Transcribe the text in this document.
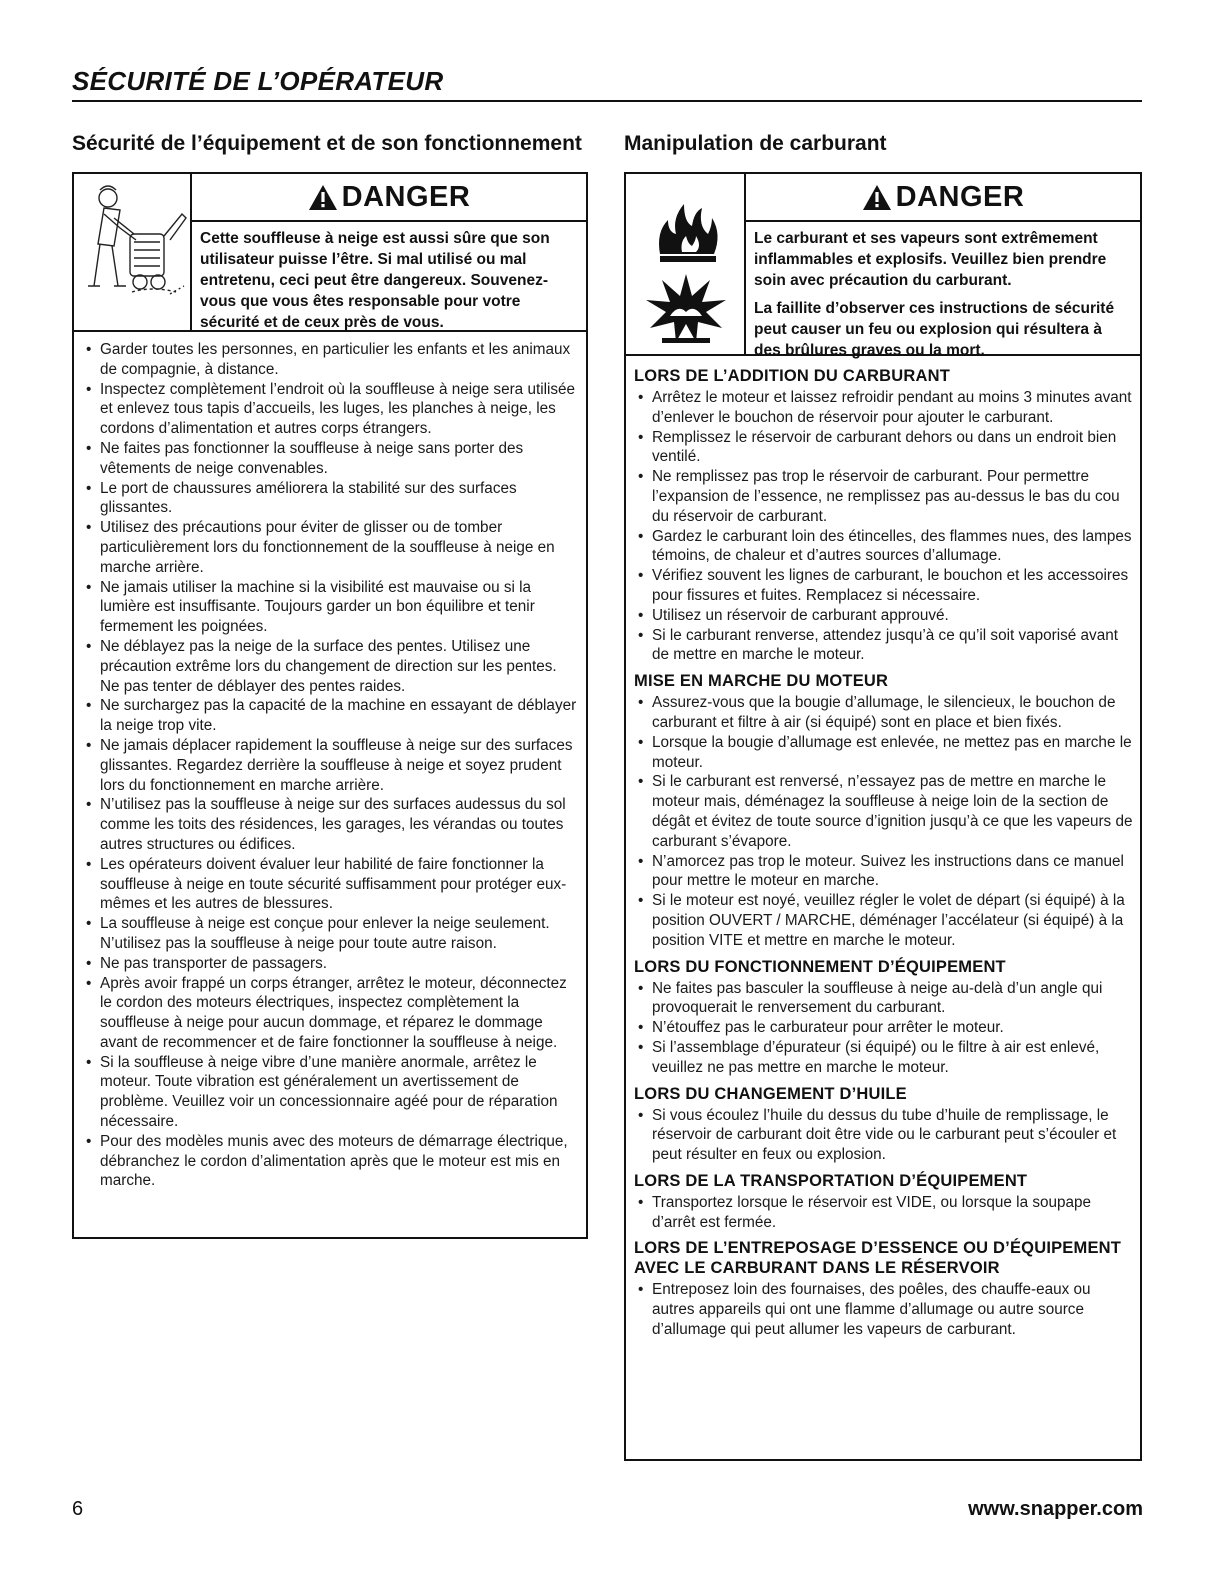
SÉCURITÉ DE L’OPÉRATEUR
Sécurité de l’équipement et de son fonctionnement
DANGER

Cette souffleuse à neige est aussi sûre que son utilisateur puisse l’être. Si mal utilisé ou mal entretenu, ceci peut être dangereux. Souvenez-vous que vous êtes responsable pour votre sécurité et de ceux près de vous.

• Garder toutes les personnes, en particulier les enfants et les animaux de compagnie, à distance.
• Inspectez complètement l’endroit où la souffleuse à neige sera utilisée et enlevez tous tapis d’accueils, les luges, les planches à neige, les cordons d’alimentation et autres corps étrangers.
• Ne faites pas fonctionner la souffleuse à neige sans porter des vêtements de neige convenables.
• Le port de chaussures améliorera la stabilité sur des surfaces glissantes.
• Utilisez des précautions pour éviter de glisser ou de tomber particulièrement lors du fonctionnement de la souffleuse à neige en marche arrière.
• Ne jamais utiliser la machine si la visibilité est mauvaise ou si la lumière est insuffisante. Toujours garder un bon équilibre et tenir fermement les poignées.
• Ne déblayez pas la neige de la surface des pentes. Utilisez une précaution extrême lors du changement de direction sur les pentes. Ne pas tenter de déblayer des pentes raides.
• Ne surchargez pas la capacité de la machine en essayant de déblayer la neige trop vite.
• Ne jamais déplacer rapidement la souffleuse à neige sur des surfaces glissantes. Regardez derrière la souffleuse à neige et soyez prudent lors du fonctionnement en marche arrière.
• N’utilisez pas la souffleuse à neige sur des surfaces audessus du sol comme les toits des résidences, les garages, les vérandas ou toutes autres structures ou édifices.
• Les opérateurs doivent évaluer leur habilité de faire fonctionner la souffleuse à neige en toute sécurité suffisamment pour protéger eux-mêmes et les autres de blessures.
• La souffleuse à neige est conçue pour enlever la neige seulement. N’utilisez pas la souffleuse à neige pour toute autre raison.
• Ne pas transporter de passagers.
• Après avoir frappé un corps étranger, arrêtez le moteur, déconnectez le cordon des moteurs électriques, inspectez complètement la souffleuse à neige pour aucun dommage, et réparez le dommage avant de recommencer et de faire fonctionner la souffleuse à neige.
• Si la souffleuse à neige vibre d’une manière anormale, arrêtez le moteur. Toute vibration est généralement un avertissement de problème. Veuillez voir un concessionnaire agéé pour de réparation nécessaire.
• Pour des modèles munis avec des moteurs de démarrage électrique, débranchez le cordon d’alimentation après que le moteur est mis en marche.
Manipulation de carburant
DANGER

Le carburant et ses vapeurs sont extrêmement inflammables et explosifs. Veuillez bien prendre soin avec précaution du carburant.

La faillite d’observer ces instructions de sécurité peut causer un feu ou explosion qui résultera à des brûlures graves ou la mort.

LORS DE L’ADDITION DU CARBURANT
• Arrêtez le moteur et laissez refroidir pendant au moins 3 minutes avant d’enlever le bouchon de réservoir pour ajouter le carburant.
• Remplissez le réservoir de carburant dehors ou dans un endroit bien ventilé.
• Ne remplissez pas trop le réservoir de carburant. Pour permettre l’expansion de l’essence, ne remplissez pas au-dessus le bas du cou du réservoir de carburant.
• Gardez le carburant loin des étincelles, des flammes nues, des lampes témoins, de chaleur et d’autres sources d’allumage.
• Vérifiez souvent les lignes de carburant, le bouchon et les accessoires pour fissures et fuites. Remplacez si nécessaire.
• Utilisez un réservoir de carburant approuvé.
• Si le carburant renverse, attendez jusqu’à ce qu’il soit vaporisé avant de mettre en marche le moteur.
MISE EN MARCHE DU MOTEUR
• Assurez-vous que la bougie d’allumage, le silencieux, le bouchon de carburant et filtre à air (si équipé) sont en place et bien fixés.
• Lorsque la bougie d’allumage est enlevée, ne mettez pas en marche le moteur.
• Si le carburant est renversé, n’essayez pas de mettre en marche le moteur mais, déménagez la souffleuse à neige loin de la section de dégât et évitez de toute source d’ignition jusqu’à ce que les vapeurs de carburant s’évapore.
• N’amorcez pas trop le moteur. Suivez les instructions dans ce manuel pour mettre le moteur en marche.
• Si le moteur est noyé, veuillez régler le volet de départ (si équipé) à la position OUVERT / MARCHE, déménager l’accélateur (si équipé) à la position VITE et mettre en marche le moteur.
LORS DU FONCTIONNEMENT D’ÉQUIPEMENT
• Ne faites pas basculer la souffleuse à neige au-delà d’un angle qui provoquerait le renversement du carburant.
• N’étouffez pas le carburateur pour arrêter le moteur.
• Si l’assemblage d’épurateur (si équipé) ou le filtre à air est enlevé, veuillez ne pas mettre en marche le moteur.
LORS DU CHANGEMENT D’HUILE
• Si vous écoulez l’huile du dessus du tube d’huile de remplissage, le réservoir de carburant doit être vide ou le carburant peut s’écouler et peut résulter en feux ou explosion.
LORS DE LA TRANSPORTATION D’ÉQUIPEMENT
• Transportez lorsque le réservoir est VIDE, ou lorsque la soupape d’arrêt est fermée.
LORS DE L’ENTREPOSAGE D’ESSENCE OU D’ÉQUIPEMENT AVEC LE CARBURANT DANS LE RÉSERVOIR
• Entreposez loin des fournaises, des poêles, des chauffe-eaux ou autres appareils qui ont une flamme d’allumage ou autre source d’allumage qui peut allumer les vapeurs de carburant.
6	www.snapper.com
